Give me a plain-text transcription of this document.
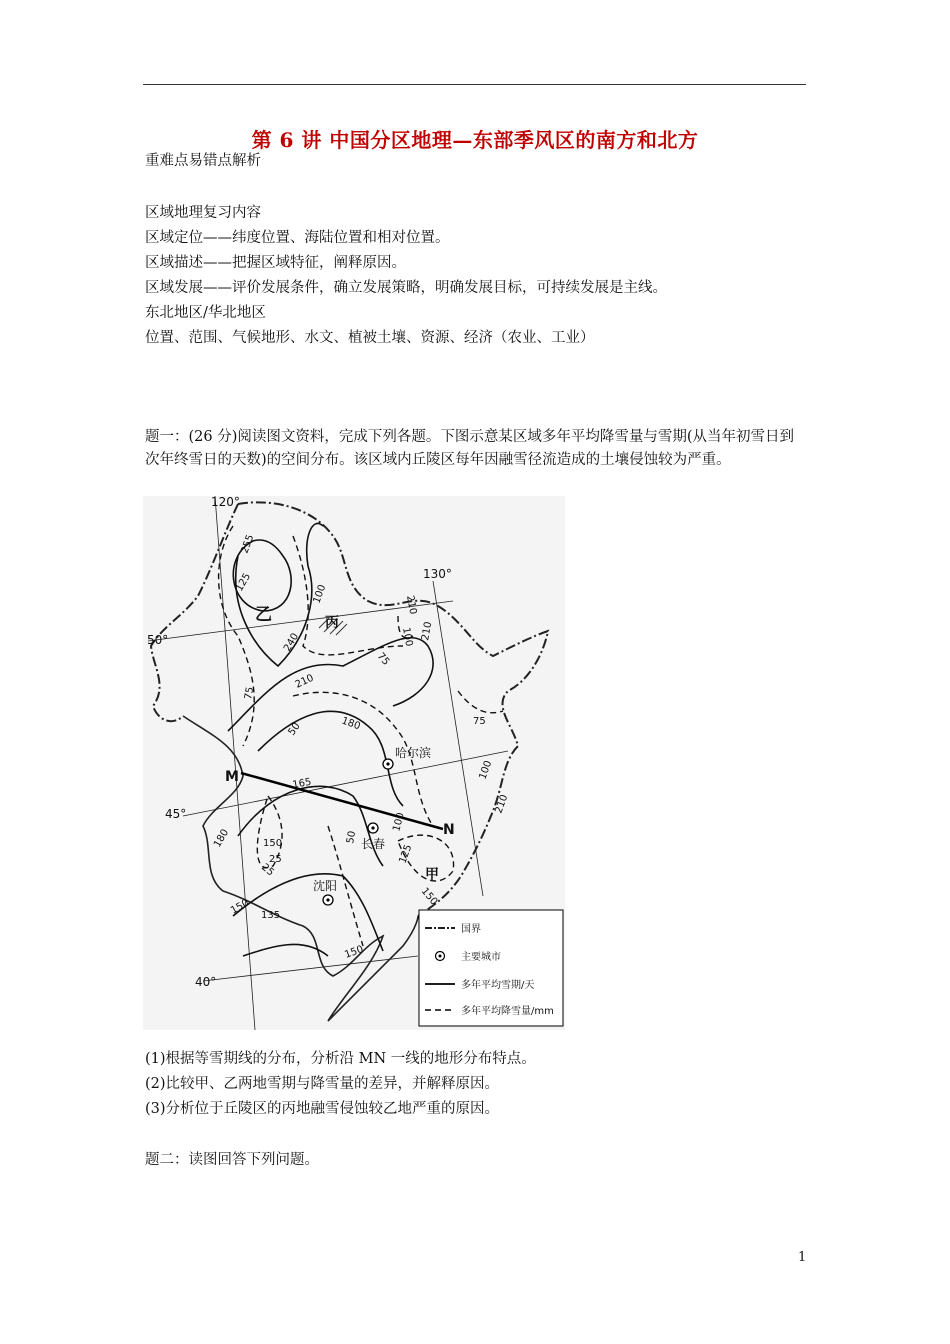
第 6 讲 中国分区地理—东部季风区的南方和北方
重难点易错点解析
区域地理复习内容
区域定位——纬度位置、海陆位置和相对位置。
区域描述——把握区域特征，阐释原因。
区域发展——评价发展条件，确立发展策略，明确发展目标，可持续发展是主线。
东北地区/华北地区
位置、范围、气候地形、水文、植被土壤、资源、经济（农业、工业）
题一：(26 分)阅读图文资料，完成下列各题。下图示意某区域多年平均降雪量与雪期(从当年初雪日到次年终雪日的天数)的空间分布。该区域内丘陵区每年因融雪径流造成的土壤侵蚀较为严重。
120°
130°
50°
45°
40°
乙	丙
甲
M
N
哈尔滨
长春
沈阳
255
240
210
180
165
150 135
125
100
75
50
25
210
100
75
100
210
75
150	125
100
50
150
25
210
150
180
国界
主要城市
多年平均雪期/天
多年平均降雪量/mm
(1)根据等雪期线的分布，分析沿 MN 一线的地形分布特点。
(2)比较甲、乙两地雪期与降雪量的差异，并解释原因。
(3)分析位于丘陵区的丙地融雪侵蚀较乙地严重的原因。
题二：读图回答下列问题。
1
